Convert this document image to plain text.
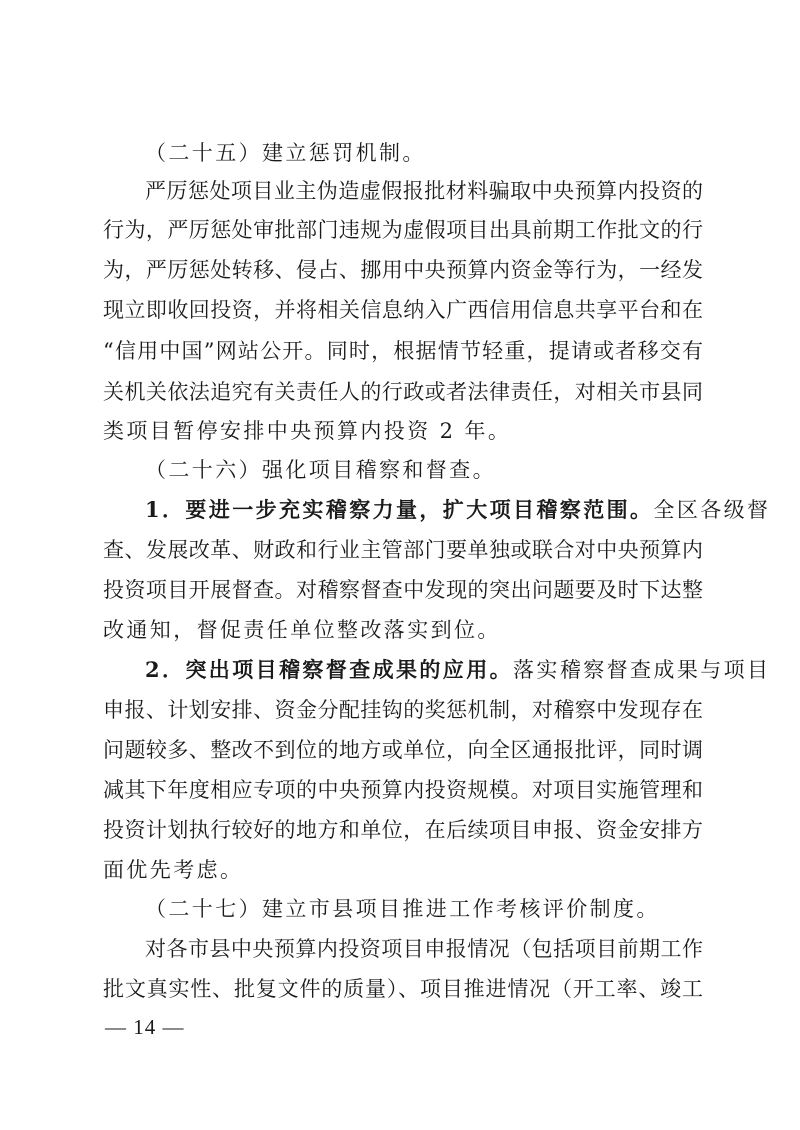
（二十五）建立惩罚机制。
严厉惩处项目业主伪造虚假报批材料骗取中央预算内投资的
行为，严厉惩处审批部门违规为虚假项目出具前期工作批文的行
为，严厉惩处转移、侵占、挪用中央预算内资金等行为，一经发
现立即收回投资，并将相关信息纳入广西信用信息共享平台和在
“信用中国”网站公开。同时，根据情节轻重，提请或者移交有
关机关依法追究有关责任人的行政或者法律责任，对相关市县同
类项目暂停安排中央预算内投资 2 年。
（二十六）强化项目稽察和督查。
1．要进一步充实稽察力量，扩大项目稽察范围。全区各级督
查、发展改革、财政和行业主管部门要单独或联合对中央预算内
投资项目开展督查。对稽察督查中发现的突出问题要及时下达整
改通知，督促责任单位整改落实到位。
2．突出项目稽察督查成果的应用。落实稽察督查成果与项目
申报、计划安排、资金分配挂钩的奖惩机制，对稽察中发现存在
问题较多、整改不到位的地方或单位，向全区通报批评，同时调
减其下年度相应专项的中央预算内投资规模。对项目实施管理和
投资计划执行较好的地方和单位，在后续项目申报、资金安排方
面优先考虑。
（二十七）建立市县项目推进工作考核评价制度。
对各市县中央预算内投资项目申报情况（包括项目前期工作
批文真实性、批复文件的质量）、项目推进情况（开工率、竣工
— 14 —
